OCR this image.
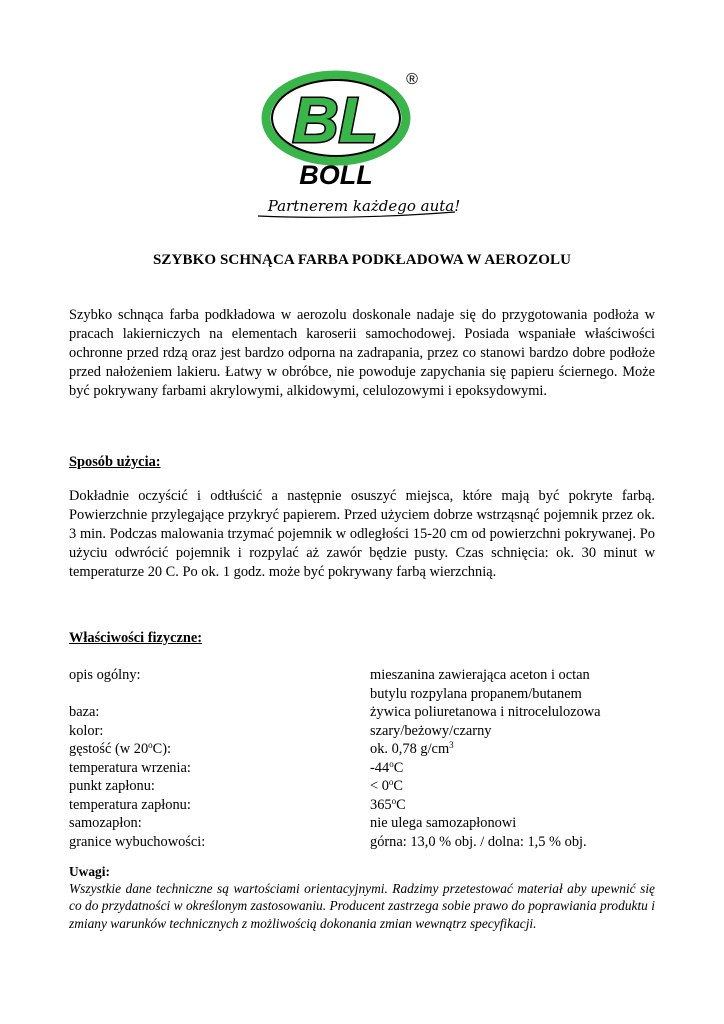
BL
®
BOLL
Partnerem każdego auta!
SZYBKO SCHNĄCA FARBA PODKŁADOWA W AEROZOLU

Szybko schnąca farba podkładowa w aerozolu doskonale nadaje się do przygotowania podłoża w pracach lakierniczych na elementach karoserii samochodowej. Posiada wspaniałe właściwości ochronne przed rdzą oraz jest bardzo odporna na zadrapania, przez co stanowi bardzo dobre podłoże przed nałożeniem lakieru. Łatwy w obróbce, nie powoduje zapychania się papieru ściernego. Może być pokrywany farbami akrylowymi, alkidowymi, celulozowymi i epoksydowymi.

Sposób użycia:

Dokładnie oczyścić i odtłuścić a następnie osuszyć miejsca, które mają być pokryte farbą. Powierzchnie przylegające przykryć papierem. Przed użyciem dobrze wstrząsnąć pojemnik przez ok. 3 min. Podczas malowania trzymać pojemnik w odległości 15-20 cm od powierzchni pokrywanej. Po użyciu odwrócić pojemnik i rozpylać aż zawór będzie pusty. Czas schnięcia: ok. 30 minut w temperaturze 20 C. Po ok. 1 godz. może być pokrywany farbą wierzchnią.

Właściwości fizyczne:

opis ogólny:	mieszanina zawierająca aceton i octan
butylu rozpylana propanem/butanem
baza:	żywica poliuretanowa i nitrocelulozowa
kolor:	szary/beżowy/czarny
gęstość (w 20$^o$C):	ok. 0,78 $g/cm^3$
temperatura wrzenia:	-44$^o$C
punkt zapłonu:	< $0^oC$
temperatura zapłonu:	365$^o$C
samozapłon:	nie ulega samozapłonowi
granice wybuchowości:	górna: 13,0 % obj. / dolna: 1,5 % obj.

Uwagi:

Wszystkie dane techniczne są wartościami orientacyjnymi. Radzimy przetestować materiał aby upewnić się co do przydatności w określonym zastosowaniu. Producent zastrzega sobie prawo do poprawiania produktu i zmiany warunków technicznych z możliwością dokonania zmian wewnątrz specyfikacji.
